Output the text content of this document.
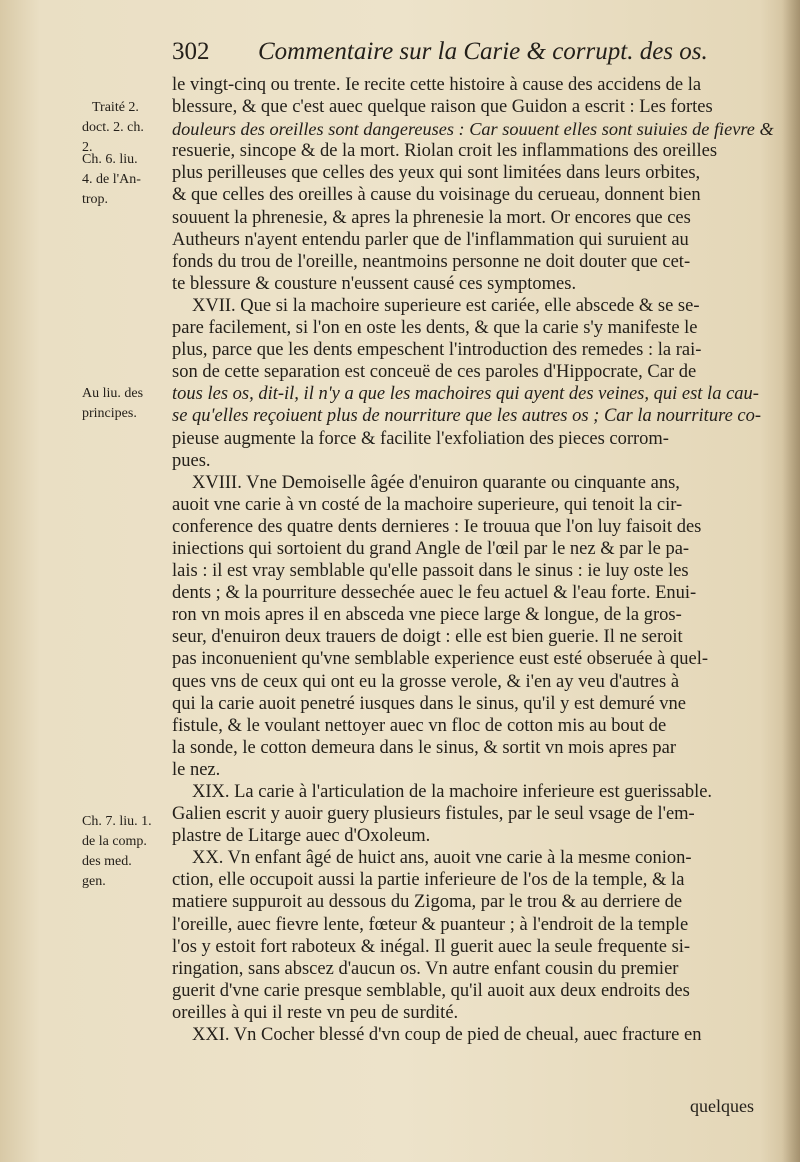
302 Commentaire sur la Carie & corrupt. des os.
Traité 2.
doct. 2. ch.
2.
Ch. 6. liu.
4. de l'An-
trop.
Au liu. des
principes.
Ch. 7. liu. 1.
de la comp.
des med.
gen.
le vingt-cinq ou trente. Ie recite cette histoire à cause des accidens de la
blessure, & que c'est auec quelque raison que Guidon a escrit : Les fortes
douleurs des oreilles sont dangereuses : Car souuent elles sont suiuies de fievre &
resuerie, sincope & de la mort. Riolan croit les inflammations des oreilles
plus perilleuses que celles des yeux qui sont limitées dans leurs orbites,
& que celles des oreilles à cause du voisinage du cerueau, donnent bien
souuent la phrenesie, & apres la phrenesie la mort. Or encores que ces
Autheurs n'ayent entendu parler que de l'inflammation qui suruient au
fonds du trou de l'oreille, neantmoins personne ne doit douter que cet-
te blessure & cousture n'eussent causé ces symptomes.
XVII. Que si la machoire superieure est cariée, elle abscede & se se-
pare facilement, si l'on en oste les dents, & que la carie s'y manifeste le
plus, parce que les dents empeschent l'introduction des remedes : la rai-
son de cette separation est conceuë de ces paroles d'Hippocrate, Car de
tous les os, dit-il, il n'y a que les machoires qui ayent des veines, qui est la cau-
se qu'elles reçoiuent plus de nourriture que les autres os ; Car la nourriture co-
pieuse augmente la force & facilite l'exfoliation des pieces corrom-
pues.
XVIII. Vne Demoiselle âgée d'enuiron quarante ou cinquante ans,
auoit vne carie à vn costé de la machoire superieure, qui tenoit la cir-
conference des quatre dents dernieres : Ie trouua que l'on luy faisoit des
iniections qui sortoient du grand Angle de l'œil par le nez & par le pa-
lais : il est vray semblable qu'elle passoit dans le sinus : ie luy oste les
dents ; & la pourriture dessechée auec le feu actuel & l'eau forte. Enui-
ron vn mois apres il en absceda vne piece large & longue, de la gros-
seur, d'enuiron deux trauers de doigt : elle est bien guerie. Il ne seroit
pas inconuenient qu'vne semblable experience eust esté obseruée à quel-
ques vns de ceux qui ont eu la grosse verole, & i'en ay veu d'autres à
qui la carie auoit penetré iusques dans le sinus, qu'il y est demuré vne
fistule, & le voulant nettoyer auec vn floc de cotton mis au bout de
la sonde, le cotton demeura dans le sinus, & sortit vn mois apres par
le nez.
XIX. La carie à l'articulation de la machoire inferieure est guerissable.
Galien escrit y auoir guery plusieurs fistules, par le seul vsage de l'em-
plastre de Litarge auec d'Oxoleum.
XX. Vn enfant âgé de huict ans, auoit vne carie à la mesme conion-
ction, elle occupoit aussi la partie inferieure de l'os de la temple, & la
matiere suppuroit au dessous du Zigoma, par le trou & au derriere de
l'oreille, auec fievre lente, fœteur & puanteur ; à l'endroit de la temple
l'os y estoit fort raboteux & inégal. Il guerit auec la seule frequente si-
ringation, sans abscez d'aucun os. Vn autre enfant cousin du premier
guerit d'vne carie presque semblable, qu'il auoit aux deux endroits des
oreilles à qui il reste vn peu de surdité.
XXI. Vn Cocher blessé d'vn coup de pied de cheual, auec fracture en
quelques
